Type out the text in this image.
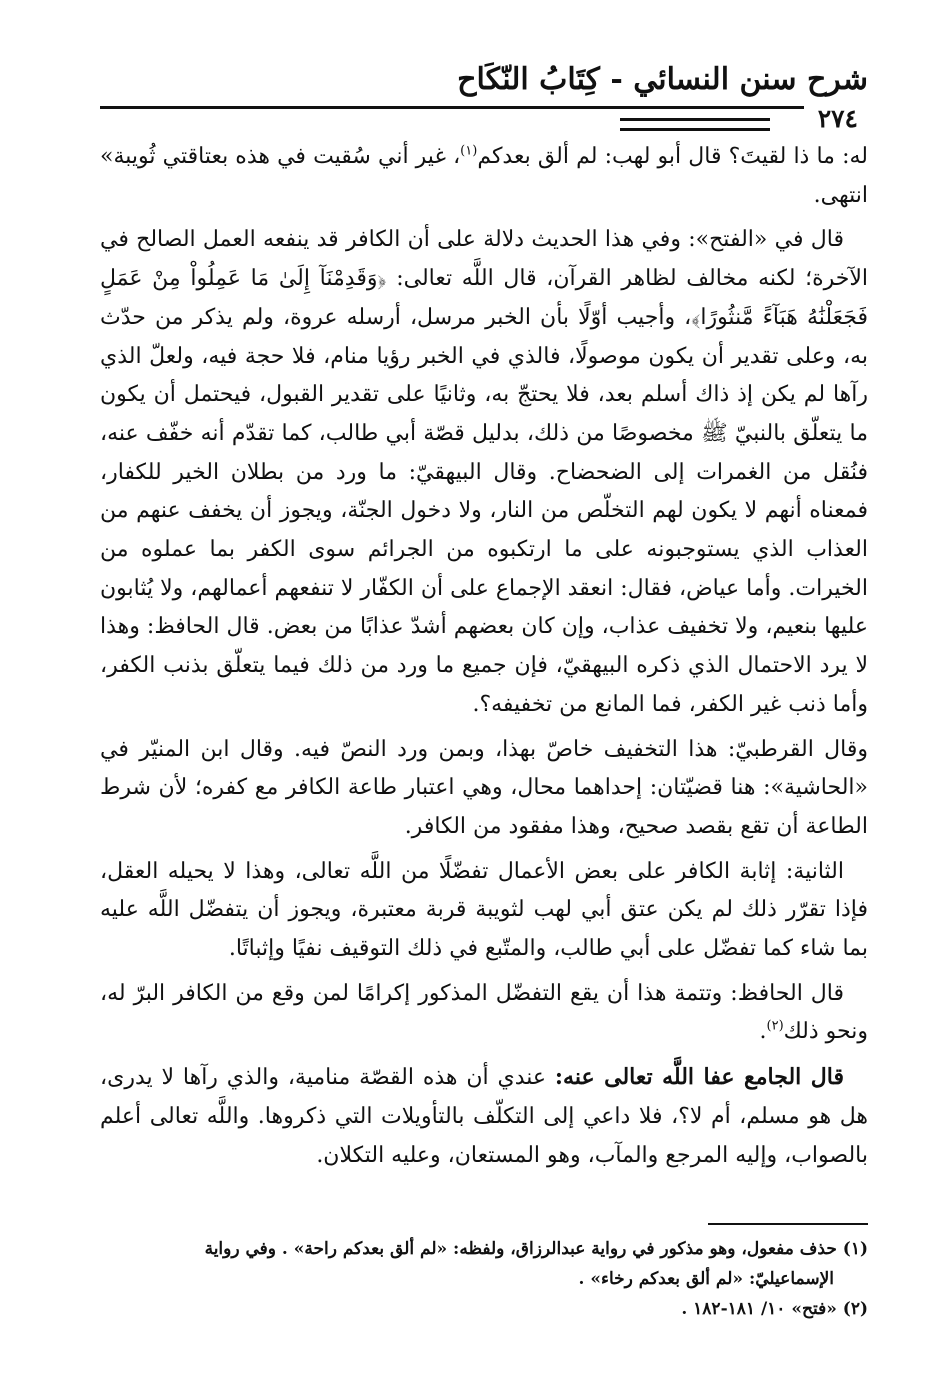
شرح سنن النسائي - كِتَابُ النّكَاح
٢٧٤

له: ما ذا لقيتَ؟ قال أبو لهب: لم ألق بعدكم$^{(١)}$، غير أني سُقيت في هذه بعتاقتي ثُويبة» انتهى.

قال في «الفتح»: وفي هذا الحديث دلالة على أن الكافر قد ينفعه العمل الصالح في الآخرة؛ لكنه مخالف لظاهر القرآن، قال اللَّه تعالى: ﴿وَقَدِمْنَآ إِلَىٰ مَا عَمِلُواْ مِنْ عَمَلٍ فَجَعَلْنَٰهُ هَبَآءً مَّنثُورًا﴾، وأجيب أوّلًا بأن الخبر مرسل، أرسله عروة، ولم يذكر من حدّث به، وعلى تقدير أن يكون موصولًا، فالذي في الخبر رؤيا منام، فلا حجة فيه، ولعلّ الذي رآها لم يكن إذ ذاك أسلم بعد، فلا يحتجّ به، وثانيًا على تقدير القبول، فيحتمل أن يكون ما يتعلّق بالنبيّ ﷺ مخصوصًا من ذلك، بدليل قصّة أبي طالب، كما تقدّم أنه خفّف عنه، فنُقل من الغمرات إلى الضحضاح. وقال البيهقيّ: ما ورد من بطلان الخير للكفار، فمعناه أنهم لا يكون لهم التخلّص من النار، ولا دخول الجنّة، ويجوز أن يخفف عنهم من العذاب الذي يستوجبونه على ما ارتكبوه من الجرائم سوى الكفر بما عملوه من الخيرات. وأما عياض، فقال: انعقد الإجماع على أن الكفّار لا تنفعهم أعمالهم، ولا يُثابون عليها بنعيم، ولا تخفيف عذاب، وإن كان بعضهم أشدّ عذابًا من بعض. قال الحافظ: وهذا لا يرد الاحتمال الذي ذكره البيهقيّ، فإن جميع ما ورد من ذلك فيما يتعلّق بذنب الكفر، وأما ذنب غير الكفر، فما المانع من تخفيفه؟.

وقال القرطبيّ: هذا التخفيف خاصّ بهذا، وبمن ورد النصّ فيه. وقال ابن المنيّر في «الحاشية»: هنا قضيّتان: إحداهما محال، وهي اعتبار طاعة الكافر مع كفره؛ لأن شرط الطاعة أن تقع بقصد صحيح، وهذا مفقود من الكافر.

الثانية: إثابة الكافر على بعض الأعمال تفضّلًا من اللَّه تعالى، وهذا لا يحيله العقل، فإذا تقرّر ذلك لم يكن عتق أبي لهب لثويبة قربة معتبرة، ويجوز أن يتفضّل اللَّه عليه بما شاء كما تفضّل على أبي طالب، والمتّبع في ذلك التوقيف نفيًا وإثباتًا.

قال الحافظ: وتتمة هذا أن يقع التفضّل المذكور إكرامًا لمن وقع من الكافر البرّ له، ونحو ذلك$^{(٢)}$.

قال الجامع عفا اللَّه تعالى عنه: عندي أن هذه القصّة منامية، والذي رآها لا يدرى، هل هو مسلم، أم لا؟، فلا داعي إلى التكلّف بالتأويلات التي ذكروها. واللَّه تعالى أعلم بالصواب، وإليه المرجع والمآب، وهو المستعان، وعليه التكلان.

(١) حذف مفعول، وهو مذكور في رواية عبدالرزاق، ولفظه: «لم ألق بعدكم راحة» . وفي رواية

الإسماعيليّ: «لم ألق بعدكم رخاء» .

(٢) «فتح» ١٠/ ١٨١-١٨٢ .
